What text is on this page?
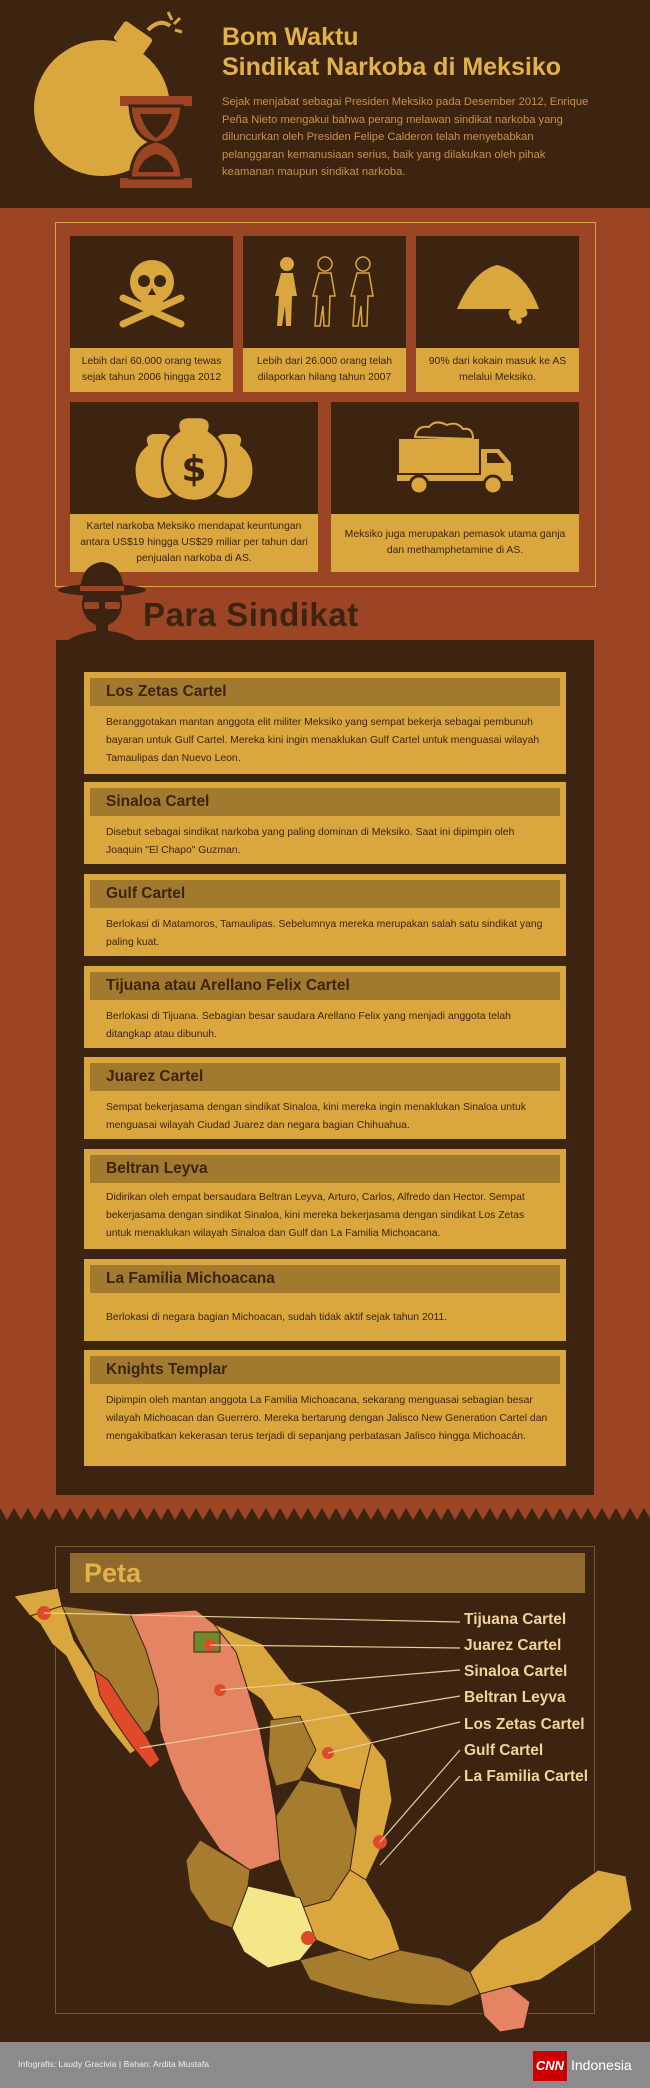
Bom Waktu
Sindikat Narkoba di Meksiko
Sejak menjabat sebagai Presiden Meksiko pada Desember 2012, Enrique Peña Nieto mengakui bahwa perang melawan sindikat narkoba yang diluncurkan oleh Presiden Felipe Calderon telah menyebabkan pelanggaran kemanusiaan serius, baik yang dilakukan oleh pihak keamanan maupun sindikat narkoba.
Lebih dari 60.000 orang tewas sejak tahun 2006 hingga 2012
Lebih dari 26.000 orang telah dilaporkan hilang tahun 2007
90% dari kokain masuk ke AS melalui Meksiko.
$
Kartel narkoba Meksiko mendapat keuntungan antara US$19 hingga US$29 miliar per tahun dari penjualan narkoba di AS.
Meksiko juga merupakan pemasok utama ganja dan methamphetamine di AS.
Para Sindikat
Los Zetas Cartel
Beranggotakan mantan anggota elit militer Meksiko yang sempat bekerja sebagai pembunuh bayaran untuk Gulf Cartel. Mereka kini ingin menaklukan Gulf Cartel untuk menguasai wilayah Tamaulipas dan Nuevo Leon.
Sinaloa Cartel
Disebut sebagai sindikat narkoba yang paling dominan di Meksiko. Saat ini dipimpin oleh Joaquin "El Chapo" Guzman.
Gulf Cartel
Berlokasi di Matamoros, Tamaulipas. Sebelumnya mereka merupakan salah satu sindikat yang paling kuat.
Tijuana atau Arellano Felix Cartel
Berlokasi di Tijuana. Sebagian besar saudara Arellano Felix yang menjadi anggota telah ditangkap atau dibunuh.
Juarez Cartel
Sempat bekerjasama dengan sindikat Sinaloa, kini mereka ingin menaklukan Sinaloa untuk menguasai wilayah Ciudad Juarez dan negara bagian Chihuahua.
Beltran Leyva
Didirikan oleh empat bersaudara Beltran Leyva, Arturo, Carlos, Alfredo dan Hector. Sempat bekerjasama dengan sindikat Sinaloa, kini mereka bekerjasama dengan sindikat Los Zetas untuk menaklukan wilayah Sinaloa dan Gulf dan La Familia Michoacana.
La Familia Michoacana
Berlokasi di negara bagian Michoacan, sudah tidak aktif sejak tahun 2011.
Knights Templar
Dipimpin oleh mantan anggota La Familia Michoacana, sekarang menguasai sebagian besar wilayah Michoacan dan Guerrero. Mereka bertarung dengan Jalisco New Generation Cartel dan mengakibatkan kekerasan terus terjadi di sepanjang perbatasan Jalisco hingga Michoacán.
Peta
Tijuana Cartel
Juarez Cartel
Sinaloa Cartel
Beltran Leyva
Los Zetas Cartel
Gulf Cartel
La Familia Cartel
Infografis: Laudy Gracivia | Bahan: Ardita Mustafa	CNN Indonesia
